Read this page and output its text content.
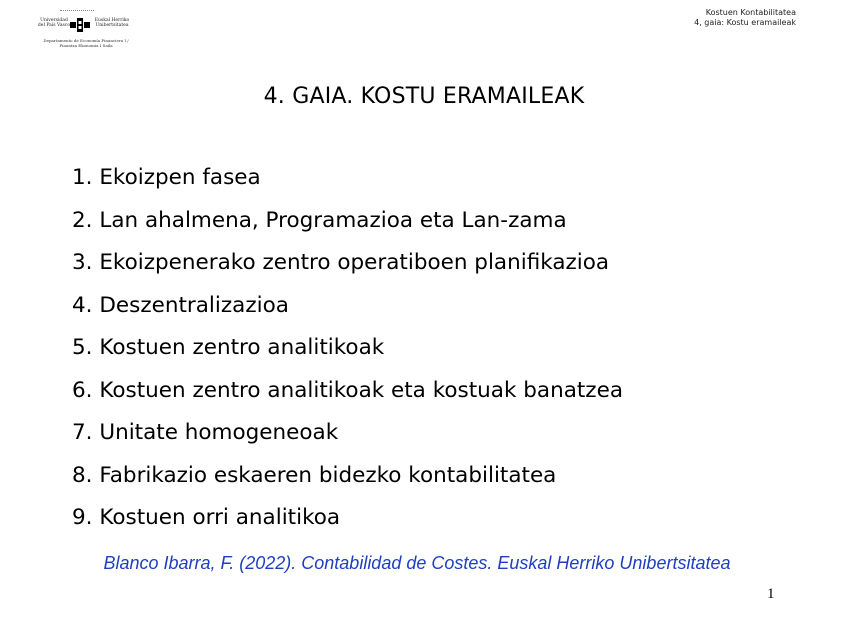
Universidad del País Vasco
Euskal Herriko Unibertsitatea
Departamento de Economía Financiera I / Finantza Ekonomia I Saila
Kostuen Kontabilitatea
4, gaia: Kostu eramaileak
4. GAIA. KOSTU ERAMAILEAK
1. Ekoizpen fasea
2. Lan ahalmena, Programazioa eta Lan-zama
3. Ekoizpenerako zentro operatiboen planifikazioa
4. Deszentralizazioa
5. Kostuen zentro analitikoak
6. Kostuen zentro analitikoak eta kostuak banatzea
7. Unitate homogeneoak
8. Fabrikazio eskaeren bidezko kontabilitatea
9. Kostuen orri analitikoa
Blanco Ibarra, F. (2022). Contabilidad de Costes. Euskal Herriko Unibertsitatea
1
